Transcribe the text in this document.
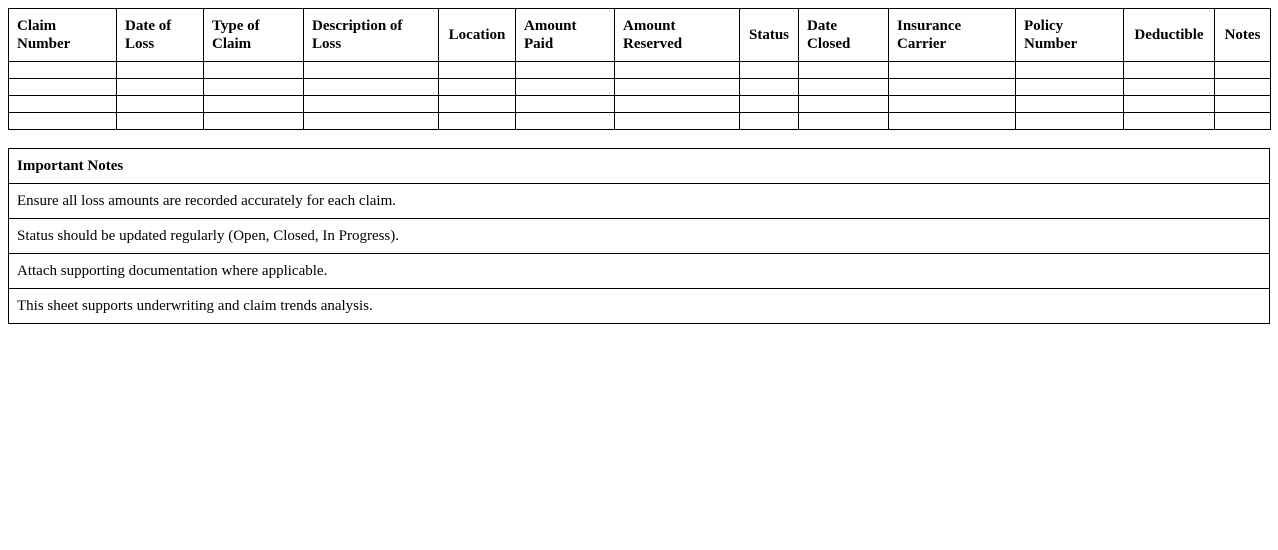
Claim Number	Date of Loss	Type of Claim	Description of Loss	Location	Amount Paid	Amount Reserved	Status	Date Closed	Insurance Carrier	Policy Number	Deductible	Notes

Important Notes
Ensure all loss amounts are recorded accurately for each claim.
Status should be updated regularly (Open, Closed, In Progress).
Attach supporting documentation where applicable.
This sheet supports underwriting and claim trends analysis.
